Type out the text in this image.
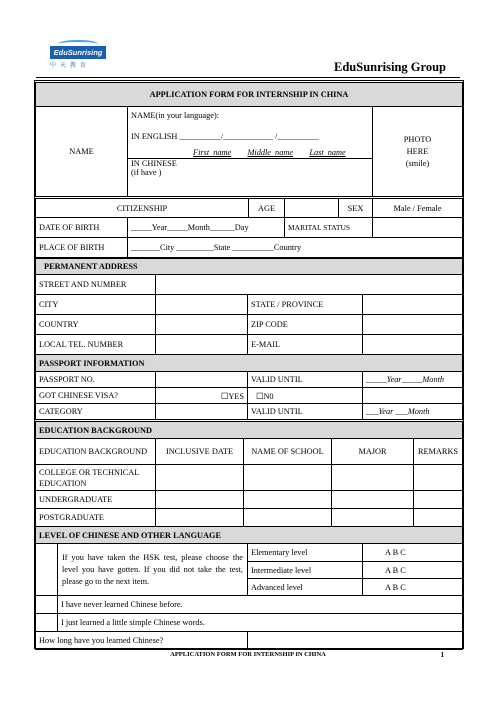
EduSunrising
中天教育	EduSunrising Group
APPLICATION FORM FOR INTERNSHIP IN CHINA
NAME	
NAME(in your language):
IN ENGLISH __________/____________ /__________
First name Middle name Last name
IN CHINESE
(if have )

PHOTO
HERE
(smile)
CITIZENSHIP		AGE		SEX	Male / Female
DATE OF BIRTH	_____Year_____Month______Day		MARITAL STATUS		
PLACE OF BIRTH	_______City _________State __________Country				
PERMANENT ADDRESS			
STREET AND NUMBER			
CITY		STATE / PROVINCE	
COUNTRY		ZIP CODE	
LOCAL TEL. NUMBER		E-MAIL	
PASSPORT INFORMATION			
PASSPORT NO.		VALID UNTIL	_____Year_____Month
GOT CHINESE VISA?	☐YES	☐N0	
CATEGORY		VALID UNTIL	___Year ___Month
EDUCATION BACKGROUND				
EDUCATION BACKGROUND	INCLUSIVE DATE	NAME OF SCHOOL	MAJOR	REMARKS
COLLEGE OR TECHNICAL EDUCATION				
UNDERGRADUATE				
POSTGRADUATE				
LEVEL OF CHINESE AND OTHER LANGUAGE			
	If you have taken the HSK test, please choose the level you have gotten. If you did not take the test, please go to the next item.	Elementary level	A B C
		Intermediate level	A B C
		Advanced level	A B C
	I have never learned Chinese before.		
	I just learned a little simple Chinese words.		
How long have you learned Chinese?			
APPLICATION FORM FOR INTERNSHIP IN CHINA	1
